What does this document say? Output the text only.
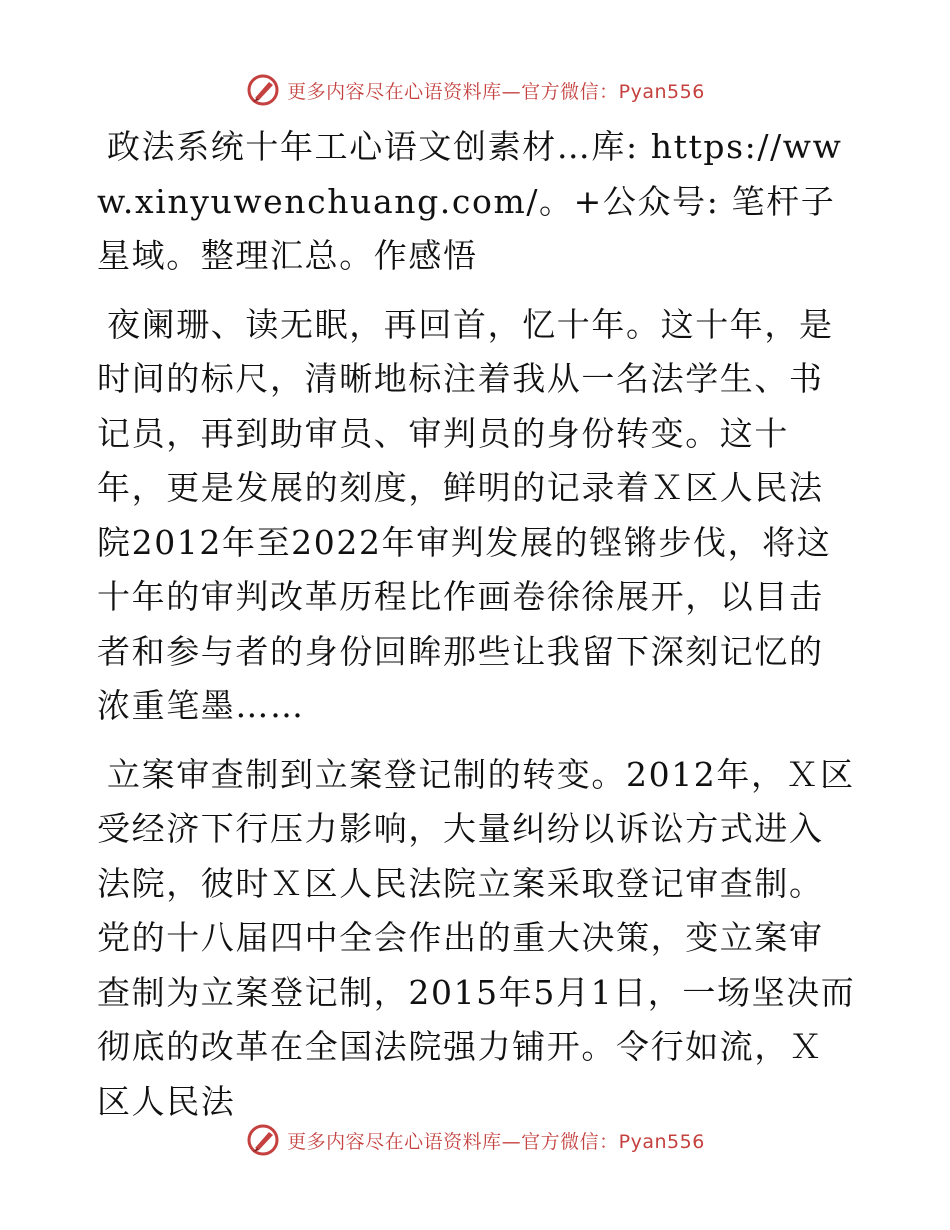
更多内容尽在心语资料库—官方微信：Pyan556

政法系统十年工心语文创素材…库: https://www.xinyuwenchuang.com/。+公众号: 笔杆子星域。整理汇总。作感悟

夜阑珊、读无眠，再回首，忆十年。这十年，是时间的标尺，清晰地标注着我从一名法学生、书记员，再到助审员、审判员的身份转变。这十年，更是发展的刻度，鲜明的记录着Ｘ区人民法院2012年至2022年审判发展的铿锵步伐，将这十年的审判改革历程比作画卷徐徐展开，以目击者和参与者的身份回眸那些让我留下深刻记忆的浓重笔墨……

立案审查制到立案登记制的转变。2012年，Ｘ区受经济下行压力影响，大量纠纷以诉讼方式进入法院，彼时Ｘ区人民法院立案采取登记审查制。党的十八届四中全会作出的重大决策，变立案审查制为立案登记制，2015年5月1日，一场坚决而彻底的改革在全国法院强力铺开。令行如流，Ｘ区人民法

更多内容尽在心语资料库—官方微信：Pyan556
